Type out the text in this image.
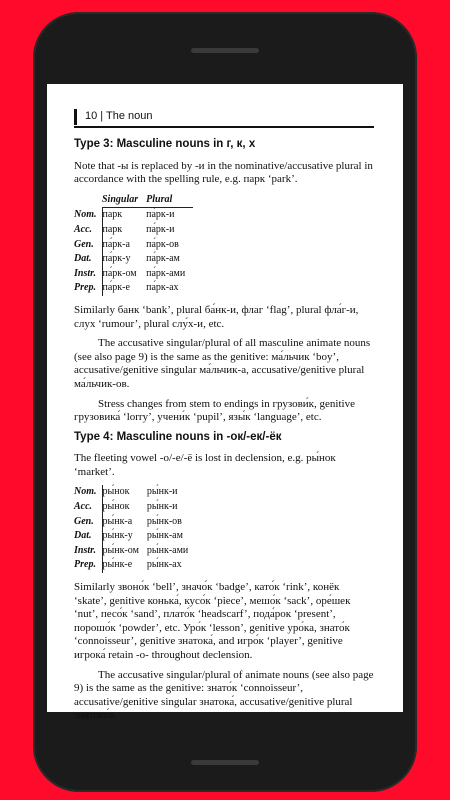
10 | The noun
Type 3: Masculine nouns in г, к, х

Note that -ы is replaced by -и in the nominative/accusative plural in accordance with the spelling rule, e.g. парк ‘park’.

	Singular	Plural
Nom.	парк	па́рк-и
Acc.	парк	па́рк-и
Gen.	па́рк-а	па́рк-ов
Dat.	па́рк-у	па́рк-ам
Instr.	па́рк-ом	па́рк-ами
Prep.	па́рк-е	па́рк-ах

Similarly банк ‘bank’, plural ба́нк-и, флаг ‘flag’, plural фла́г-и, слух ‘rumour’, plural слу́х-и, etc.

The accusative singular/plural of all masculine animate nouns (see also page 9) is the same as the genitive: ма́льчик ‘boy’, accusative/genitive singular ма́льчик-а, accusative/genitive plural ма́льчик-ов.

Stress changes from stem to endings in грузови́к, genitive грузовика́ ‘lorry’, учени́к ‘pupil’, язы́к ‘language’, etc.

Type 4: Masculine nouns in -ок/-ек/-ёк

The fleeting vowel -о/-е/-ё is lost in declension, e.g. ры́нок ‘market’.

Nom.	ры́нок	ры́нк-и
Acc.	ры́нок	ры́нк-и
Gen.	ры́нк-а	ры́нк-ов
Dat.	ры́нк-у	ры́нк-ам
Instr.	ры́нк-ом	ры́нк-ами
Prep.	ры́нк-е	ры́нк-ах

Similarly звоно́к ‘bell’, значо́к ‘badge’, като́к ‘rink’, конёк ‘skate’, genitive конька́, кусо́к ‘piece’, мешо́к ‘sack’, оре́шек ‘nut’, песо́к ‘sand’, плато́к ‘headscarf’, пода́рок ‘present’, порошо́к ‘powder’, etc. Уро́к ‘lesson’, genitive уро́ка, знато́к ‘connoisseur’, genitive знатока́, and игро́к ‘player’, genitive игрока́ retain -o- throughout declension.

The accusative singular/plural of animate nouns (see also page 9) is the same as the genitive: знато́к ‘connoisseur’, accusative/genitive singular знатока́, accusative/genitive plural знатоко́в.
